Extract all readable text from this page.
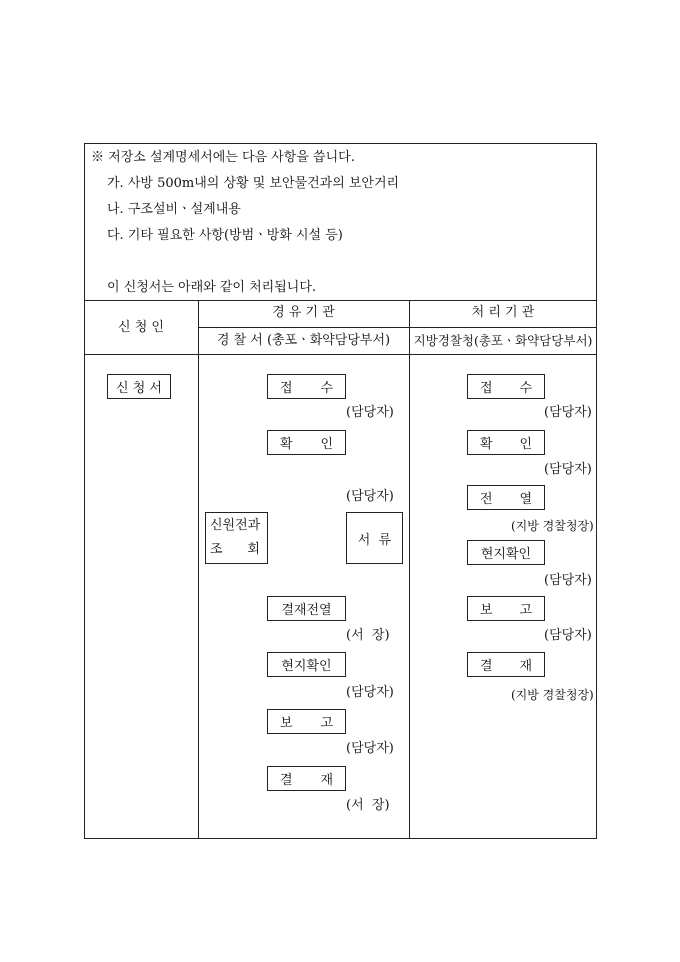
※ 저장소 설계명세서에는 다음 사항을 씁니다.
가. 사방 500m내의 상황 및 보안물건과의 보안거리
나. 구조설비ㆍ설계내용
다. 기타 필요한 사항(방범ㆍ방화 시설 등)
이 신청서는 아래와 같이 처리됩니다.
신 청 인
경 유 기 관	처 리 기 관
경 찰 서 (총포ㆍ화약담당부서)	지방경찰청(총포ㆍ화약담당부서)
신 청 서	접 수
(담당자)
확 인
(담당자)
신원전과
조      회
서  류
결재전열
(서  장)
현지확인
(담당자)
보 고
(담당자)
결 재
(서  장)
접 수
(담당자)
확 인
(담당자)
전 열
(지방 경찰청장)
현지확인
(담당자)
보 고
(담당자)
결 재
(지방 경찰청장)
